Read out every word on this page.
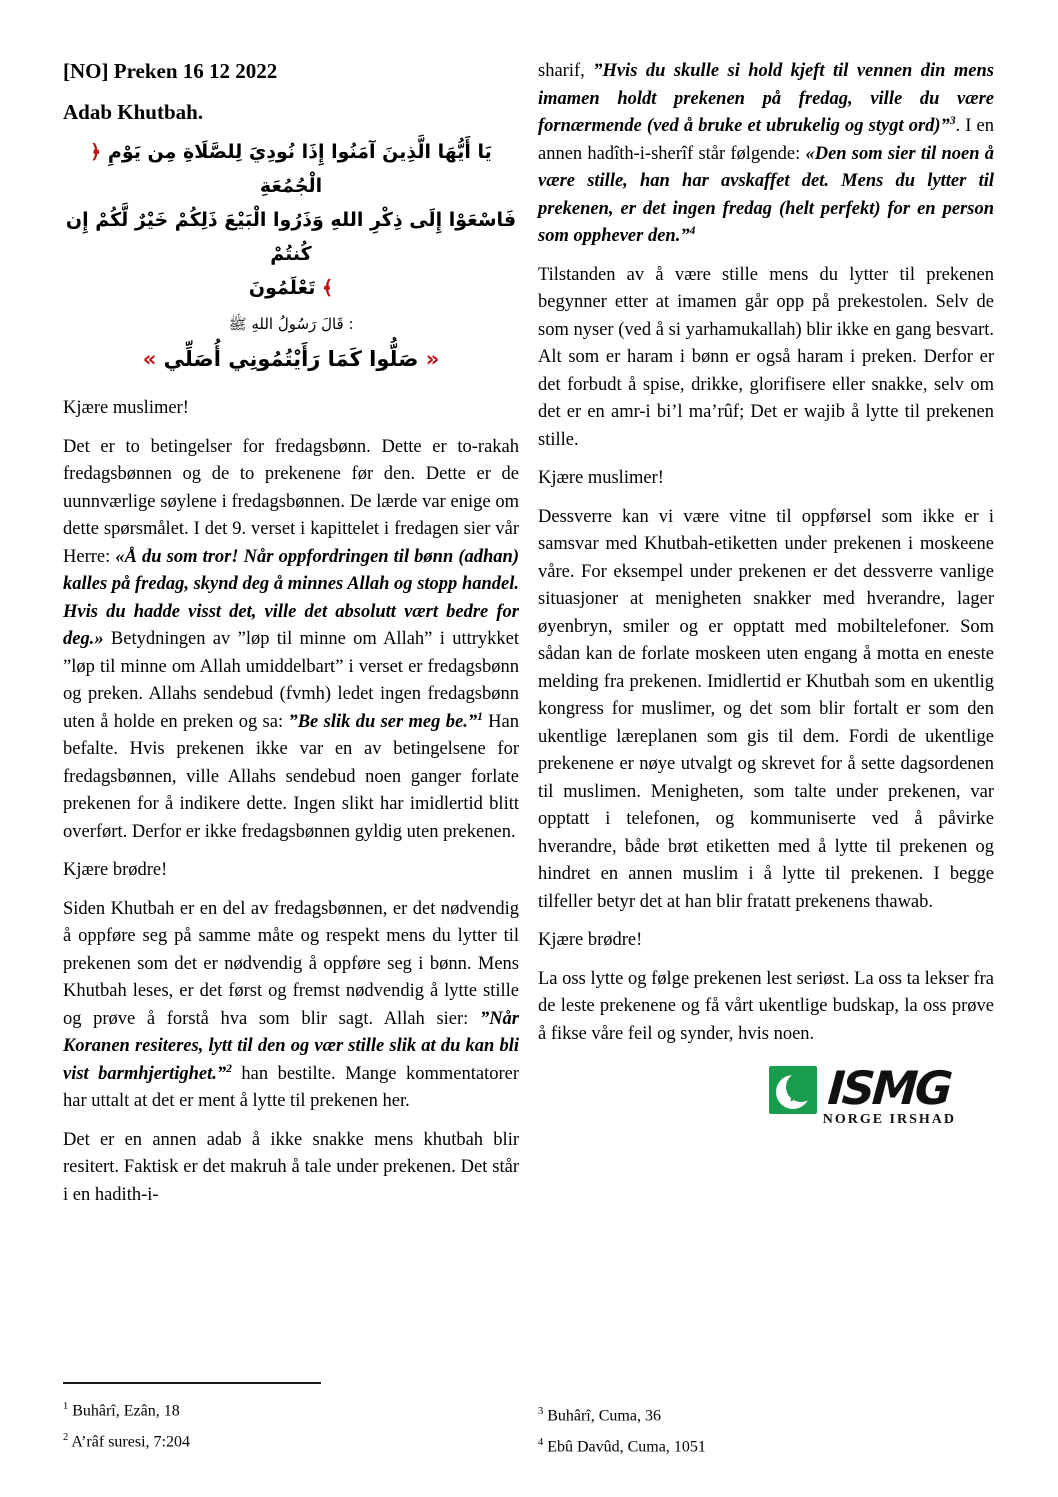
[NO] Preken 16 12 2022
Adab Khutbah.
﴿ يَا أَيُّهَا الَّذِينَ آمَنُوا إِذَا نُودِيَ لِلصَّلَاةِ مِن يَوْمِ الْجُمُعَةِ
فَاسْعَوْا إِلَى ذِكْرِ اللهِ وَذَرُوا الْبَيْعَ ذَلِكُمْ خَيْرٌ لَّكُمْ إِن كُنتُمْ
تَعْلَمُونَ ﴾
قَالَ رَسُولُ اللهِ ﷺ :
« صَلُّوا كَمَا رَأَيْتُمُونِي أُصَلِّي »

Kjære muslimer!

Det er to betingelser for fredagsbønn. Dette er to-rakah fredagsbønnen og de to prekenene før den. Dette er de uunnværlige søylene i fredagsbønnen. De lærde var enige om dette spørsmålet. I det 9. verset i kapittelet i fredagen sier vår Herre: «Å du som tror! Når oppfordringen til bønn (adhan) kalles på fredag, skynd deg å minnes Allah og stopp handel. Hvis du hadde visst det, ville det absolutt vært bedre for deg.» Betydningen av ”løp til minne om Allah” i uttrykket ”løp til minne om Allah umiddelbart” i verset er fredagsbønn og preken. Allahs sendebud (fvmh) ledet ingen fredagsbønn uten å holde en preken og sa: ”Be slik du ser meg be.”$^1$ Han befalte. Hvis prekenen ikke var en av betingelsene for fredagsbønnen, ville Allahs sendebud noen ganger forlate prekenen for å indikere dette. Ingen slikt har imidlertid blitt overført. Derfor er ikke fredagsbønnen gyldig uten prekenen.

Kjære brødre!

Siden Khutbah er en del av fredagsbønnen, er det nødvendig å oppføre seg på samme måte og respekt mens du lytter til prekenen som det er nødvendig å oppføre seg i bønn. Mens Khutbah leses, er det først og fremst nødvendig å lytte stille og prøve å forstå hva som blir sagt. Allah sier: ”Når Koranen resiteres, lytt til den og vær stille slik at du kan bli vist barmhjertighet.”$^2$ han bestilte. Mange kommentatorer har uttalt at det er ment å lytte til prekenen her.

Det er en annen adab å ikke snakke mens khutbah blir resitert. Faktisk er det makruh å tale under prekenen. Det står i en hadith-i-

sharif, ”Hvis du skulle si hold kjeft til vennen din mens imamen holdt prekenen på fredag, ville du være fornærmende (ved å bruke et ubrukelig og stygt ord)”$^3$. I en annen hadîth-i-sherîf står følgende: «Den som sier til noen å være stille, han har avskaffet det. Mens du lytter til prekenen, er det ingen fredag (helt perfekt) for en person som opphever den.”$^4$

Tilstanden av å være stille mens du lytter til prekenen begynner etter at imamen går opp på prekestolen. Selv de som nyser (ved å si yarhamukallah) blir ikke en gang besvart. Alt som er haram i bønn er også haram i preken. Derfor er det forbudt å spise, drikke, glorifisere eller snakke, selv om det er en amr-i bi’l ma’rûf; Det er wajib å lytte til prekenen stille.

Kjære muslimer!

Dessverre kan vi være vitne til oppførsel som ikke er i samsvar med Khutbah-etiketten under prekenen i moskeene våre. For eksempel under prekenen er det dessverre vanlige situasjoner at menigheten snakker med hverandre, lager øyenbryn, smiler og er opptatt med mobiltelefoner. Som sådan kan de forlate moskeen uten engang å motta en eneste melding fra prekenen. Imidlertid er Khutbah som en ukentlig kongress for muslimer, og det som blir fortalt er som den ukentlige læreplanen som gis til dem. Fordi de ukentlige prekenene er nøye utvalgt og skrevet for å sette dagsordenen til muslimen. Menigheten, som talte under prekenen, var opptatt i telefonen, og kommuniserte ved å påvirke hverandre, både brøt etiketten med å lytte til prekenen og hindret en annen muslim i å lytte til prekenen. I begge tilfeller betyr det at han blir fratatt prekenens thawab.

Kjære brødre!

La oss lytte og følge prekenen lest seriøst. La oss ta lekser fra de leste prekenene og få vårt ukentlige budskap, la oss prøve å fikse våre feil og synder, hvis noen.

ISMG
NORGE IRSHAD
$^1$ Buhârî, Ezân, 18
$^2$ A’râf suresi, 7:204
$^3$ Buhârî, Cuma, 36
$^4$ Ebû Davûd, Cuma, 1051
